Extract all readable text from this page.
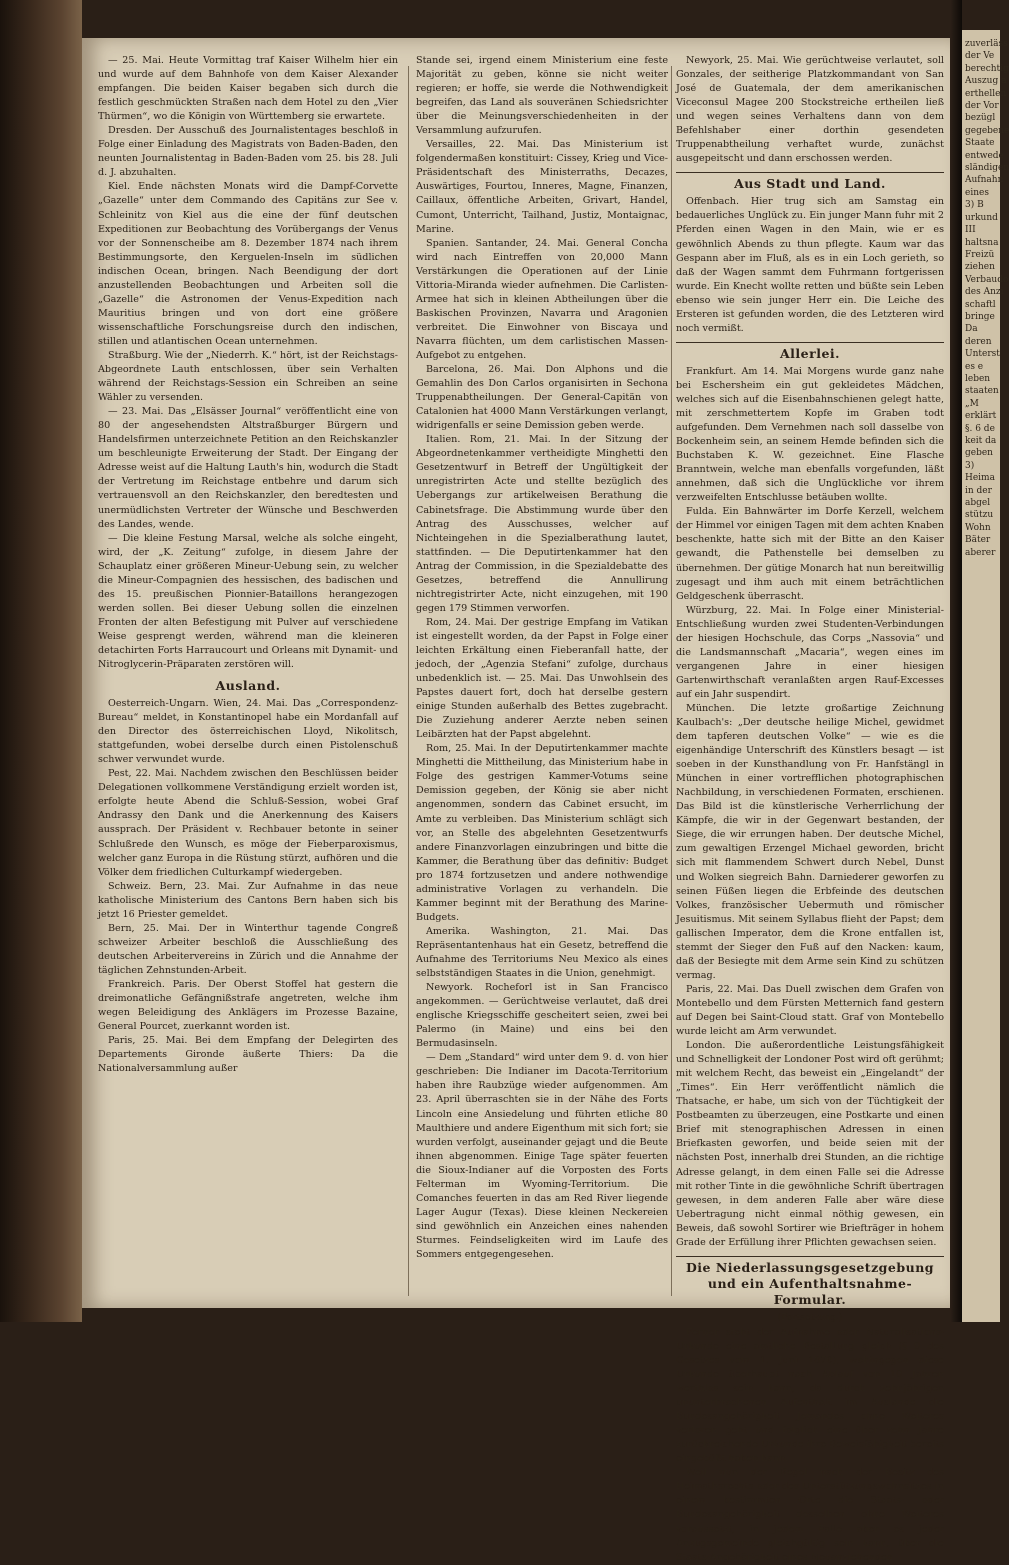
zuverläss
der Ve
berechtig
Auszug a
erthellen
der Vor
bezügl
gegebene
Staate
entwede
sländigen
Aufnahn
eines
3) B
urkund
III
haltsna
Freizü
ziehen
Verbaudo
des Anzi
schaftl
bringe
Da
deren
Unterst
es e
leben
staaten
„M
erklärt
§. 6 de
keit da
geben
3)
Heima
in der
abgel
stützu
Wohn
Bäter
aberer

— 25. Mai. Heute Vormittag traf Kaiser Wilhelm hier ein und wurde auf dem Bahnhofe von dem Kaiser Alexander empfangen. Die beiden Kaiser begaben sich durch die festlich geschmückten Straßen nach dem Hotel zu den „Vier Thürmen“, wo die Königin von Württemberg sie erwartete.

Dresden. Der Ausschuß des Journalistentages beschloß in Folge einer Einladung des Magistrats von Baden-Baden, den neunten Journalistentag in Baden-Baden vom 25. bis 28. Juli d. J. abzuhalten.

Kiel. Ende nächsten Monats wird die Dampf-Corvette „Gazelle“ unter dem Commando des Capitäns zur See v. Schleinitz von Kiel aus die eine der fünf deutschen Expeditionen zur Beobachtung des Vorübergangs der Venus vor der Sonnenscheibe am 8. Dezember 1874 nach ihrem Bestimmungsorte, den Kerguelen-Inseln im südlichen indischen Ocean, bringen. Nach Beendigung der dort anzustellenden Beobachtungen und Arbeiten soll die „Gazelle“ die Astronomen der Venus-Expedition nach Mauritius bringen und von dort eine größere wissenschaftliche Forschungsreise durch den indischen, stillen und atlantischen Ocean unternehmen.

Straßburg. Wie der „Niederrh. K.“ hört, ist der Reichstags-Abgeordnete Lauth entschlossen, über sein Verhalten während der Reichstags-Session ein Schreiben an seine Wähler zu versenden.

— 23. Mai. Das „Elsässer Journal“ veröffentlicht eine von 80 der angesehendsten Altstraßburger Bürgern und Handelsfirmen unterzeichnete Petition an den Reichskanzler um beschleunigte Erweiterung der Stadt. Der Eingang der Adresse weist auf die Haltung Lauth's hin, wodurch die Stadt der Vertretung im Reichstage entbehre und darum sich vertrauensvoll an den Reichskanzler, den beredtesten und unermüdlichsten Vertreter der Wünsche und Beschwerden des Landes, wende.

— Die kleine Festung Marsal, welche als solche eingeht, wird, der „K. Zeitung“ zufolge, in diesem Jahre der Schauplatz einer größeren Mineur-Uebung sein, zu welcher die Mineur-Compagnien des hessischen, des badischen und des 15. preußischen Pionnier-Bataillons herangezogen werden sollen. Bei dieser Uebung sollen die einzelnen Fronten der alten Befestigung mit Pulver auf verschiedene Weise gesprengt werden, während man die kleineren detachirten Forts Harraucourt und Orleans mit Dynamit- und Nitroglycerin-Präparaten zerstören will.

Ausland.

Oesterreich-Ungarn. Wien, 24. Mai. Das „Correspondenz-Bureau“ meldet, in Konstantinopel habe ein Mordanfall auf den Director des österreichischen Lloyd, Nikolitsch, stattgefunden, wobei derselbe durch einen Pistolenschuß schwer verwundet wurde.

Pest, 22. Mai. Nachdem zwischen den Beschlüssen beider Delegationen vollkommene Verständigung erzielt worden ist, erfolgte heute Abend die Schluß-Session, wobei Graf Andrassy den Dank und die Anerkennung des Kaisers aussprach. Der Präsident v. Rechbauer betonte in seiner Schlußrede den Wunsch, es möge der Fieberparoxismus, welcher ganz Europa in die Rüstung stürzt, aufhören und die Völker dem friedlichen Culturkampf wiedergeben.

Schweiz. Bern, 23. Mai. Zur Aufnahme in das neue katholische Ministerium des Cantons Bern haben sich bis jetzt 16 Priester gemeldet.

Bern, 25. Mai. Der in Winterthur tagende Congreß schweizer Arbeiter beschloß die Ausschließung des deutschen Arbeitervereins in Zürich und die Annahme der täglichen Zehnstunden-Arbeit.

Frankreich. Paris. Der Oberst Stoffel hat gestern die dreimonatliche Gefängnißstrafe angetreten, welche ihm wegen Beleidigung des Anklägers im Prozesse Bazaine, General Pourcet, zuerkannt worden ist.

Paris, 25. Mai. Bei dem Empfang der Delegirten des Departements Gironde äußerte Thiers: Da die Nationalversammlung außer

Stande sei, irgend einem Ministerium eine feste Majorität zu geben, könne sie nicht weiter regieren; er hoffe, sie werde die Nothwendigkeit begreifen, das Land als souveränen Schiedsrichter über die Meinungsverschiedenheiten in der Versammlung aufzurufen.

Versailles, 22. Mai. Das Ministerium ist folgendermaßen konstituirt: Cissey, Krieg und Vice-Präsidentschaft des Ministerraths, Decazes, Auswärtiges, Fourtou, Inneres, Magne, Finanzen, Caillaux, öffentliche Arbeiten, Grivart, Handel, Cumont, Unterricht, Tailhand, Justiz, Montaignac, Marine.

Spanien. Santander, 24. Mai. General Concha wird nach Eintreffen von 20,000 Mann Verstärkungen die Operationen auf der Linie Vittoria-Miranda wieder aufnehmen. Die Carlisten-Armee hat sich in kleinen Abtheilungen über die Baskischen Provinzen, Navarra und Aragonien verbreitet. Die Einwohner von Biscaya und Navarra flüchten, um dem carlistischen Massen-Aufgebot zu entgehen.

Barcelona, 26. Mai. Don Alphons und die Gemahlin des Don Carlos organisirten in Sechona Truppenabtheilungen. Der General-Capitän von Catalonien hat 4000 Mann Verstärkungen verlangt, widrigenfalls er seine Demission geben werde.

Italien. Rom, 21. Mai. In der Sitzung der Abgeordnetenkammer vertheidigte Minghetti den Gesetzentwurf in Betreff der Ungültigkeit der unregistrirten Acte und stellte bezüglich des Uebergangs zur artikelweisen Berathung die Cabinetsfrage. Die Abstimmung wurde über den Antrag des Ausschusses, welcher auf Nichteingehen in die Spezialberathung lautet, stattfinden. — Die Deputirtenkammer hat den Antrag der Commission, in die Spezialdebatte des Gesetzes, betreffend die Annullirung nichtregistrirter Acte, nicht einzugehen, mit 190 gegen 179 Stimmen verworfen.

Rom, 24. Mai. Der gestrige Empfang im Vatikan ist eingestellt worden, da der Papst in Folge einer leichten Erkältung einen Fieberanfall hatte, der jedoch, der „Agenzia Stefani“ zufolge, durchaus unbedenklich ist. — 25. Mai. Das Unwohlsein des Papstes dauert fort, doch hat derselbe gestern einige Stunden außerhalb des Bettes zugebracht. Die Zuziehung anderer Aerzte neben seinen Leibärzten hat der Papst abgelehnt.

Rom, 25. Mai. In der Deputirtenkammer machte Minghetti die Mittheilung, das Ministerium habe in Folge des gestrigen Kammer-Votums seine Demission gegeben, der König sie aber nicht angenommen, sondern das Cabinet ersucht, im Amte zu verbleiben. Das Ministerium schlägt sich vor, an Stelle des abgelehnten Gesetzentwurfs andere Finanzvorlagen einzubringen und bitte die Kammer, die Berathung über das definitiv: Budget pro 1874 fortzusetzen und andere nothwendige administrative Vorlagen zu verhandeln. Die Kammer beginnt mit der Berathung des Marine-Budgets.

Amerika. Washington, 21. Mai. Das Repräsentantenhaus hat ein Gesetz, betreffend die Aufnahme des Territoriums Neu Mexico als eines selbstständigen Staates in die Union, genehmigt.

Newyork. Rocheforl ist in San Francisco angekommen. — Gerüchtweise verlautet, daß drei englische Kriegsschiffe gescheitert seien, zwei bei Palermo (in Maine) und eins bei den Bermudasinseln.

— Dem „Standard“ wird unter dem 9. d. von hier geschrieben: Die Indianer im Dacota-Territorium haben ihre Raubzüge wieder aufgenommen. Am 23. April überraschten sie in der Nähe des Forts Lincoln eine Ansiedelung und führten etliche 80 Maulthiere und andere Eigenthum mit sich fort; sie wurden verfolgt, auseinander gejagt und die Beute ihnen abgenommen. Einige Tage später feuerten die Sioux-Indianer auf die Vorposten des Forts Felterman im Wyoming-Territorium. Die Comanches feuerten in das am Red River liegende Lager Augur (Texas). Diese kleinen Neckereien sind gewöhnlich ein Anzeichen eines nahenden Sturmes. Feindseligkeiten wird im Laufe des Sommers entgegengesehen.

Newyork, 25. Mai. Wie gerüchtweise verlautet, soll Gonzales, der seitherige Platzkommandant von San José de Guatemala, der dem amerikanischen Viceconsul Magee 200 Stockstreiche ertheilen ließ und wegen seines Verhaltens dann von dem Befehlshaber einer dorthin gesendeten Truppenabtheilung verhaftet wurde, zunächst ausgepeitscht und dann erschossen werden.

Aus Stadt und Land.

Offenbach. Hier trug sich am Samstag ein bedauerliches Unglück zu. Ein junger Mann fuhr mit 2 Pferden einen Wagen in den Main, wie er es gewöhnlich Abends zu thun pflegte. Kaum war das Gespann aber im Fluß, als es in ein Loch gerieth, so daß der Wagen sammt dem Fuhrmann fortgerissen wurde. Ein Knecht wollte retten und büßte sein Leben ebenso wie sein junger Herr ein. Die Leiche des Ersteren ist gefunden worden, die des Letzteren wird noch vermißt.

Allerlei.

Frankfurt. Am 14. Mai Morgens wurde ganz nahe bei Eschersheim ein gut gekleidetes Mädchen, welches sich auf die Eisenbahnschienen gelegt hatte, mit zerschmettertem Kopfe im Graben todt aufgefunden. Dem Vernehmen nach soll dasselbe von Bockenheim sein, an seinem Hemde befinden sich die Buchstaben K. W. gezeichnet. Eine Flasche Branntwein, welche man ebenfalls vorgefunden, läßt annehmen, daß sich die Unglückliche vor ihrem verzweifelten Entschlusse betäuben wollte.

Fulda. Ein Bahnwärter im Dorfe Kerzell, welchem der Himmel vor einigen Tagen mit dem achten Knaben beschenkte, hatte sich mit der Bitte an den Kaiser gewandt, die Pathenstelle bei demselben zu übernehmen. Der gütige Monarch hat nun bereitwillig zugesagt und ihm auch mit einem beträchtlichen Geldgeschenk überrascht.

Würzburg, 22. Mai. In Folge einer Ministerial-Entschließung wurden zwei Studenten-Verbindungen der hiesigen Hochschule, das Corps „Nassovia“ und die Landsmannschaft „Macaria“, wegen eines im vergangenen Jahre in einer hiesigen Gartenwirthschaft veranlaßten argen Rauf-Excesses auf ein Jahr suspendirt.

München. Die letzte großartige Zeichnung Kaulbach's: „Der deutsche heilige Michel, gewidmet dem tapferen deutschen Volke“ — wie es die eigenhändige Unterschrift des Künstlers besagt — ist soeben in der Kunsthandlung von Fr. Hanfstängl in München in einer vortrefflichen photographischen Nachbildung, in verschiedenen Formaten, erschienen. Das Bild ist die künstlerische Verherrlichung der Kämpfe, die wir in der Gegenwart bestanden, der Siege, die wir errungen haben. Der deutsche Michel, zum gewaltigen Erzengel Michael geworden, bricht sich mit flammendem Schwert durch Nebel, Dunst und Wolken siegreich Bahn. Darniederer geworfen zu seinen Füßen liegen die Erbfeinde des deutschen Volkes, französischer Uebermuth und römischer Jesuitismus. Mit seinem Syllabus flieht der Papst; dem gallischen Imperator, dem die Krone entfallen ist, stemmt der Sieger den Fuß auf den Nacken: kaum, daß der Besiegte mit dem Arme sein Kind zu schützen vermag.

Paris, 22. Mai. Das Duell zwischen dem Grafen von Montebello und dem Fürsten Metternich fand gestern auf Degen bei Saint-Cloud statt. Graf von Montebello wurde leicht am Arm verwundet.

London. Die außerordentliche Leistungsfähigkeit und Schnelligkeit der Londoner Post wird oft gerühmt; mit welchem Recht, das beweist ein „Eingelandt“ der „Times“. Ein Herr veröffentlicht nämlich die Thatsache, er habe, um sich von der Tüchtigkeit der Postbeamten zu überzeugen, eine Postkarte und einen Brief mit stenographischen Adressen in einen Briefkasten geworfen, und beide seien mit der nächsten Post, innerhalb drei Stunden, an die richtige Adresse gelangt, in dem einen Falle sei die Adresse mit rother Tinte in die gewöhnliche Schrift übertragen gewesen, in dem anderen Falle aber wäre diese Uebertragung nicht einmal nöthig gewesen, ein Beweis, daß sowohl Sortirer wie Briefträger in hohem Grade der Erfüllung ihrer Pflichten gewachsen seien.

Die Niederlassungsgesetzgebung und ein Aufenthaltsnahme-Formular.
(Fortsetzung.)

Ferner steht der Aufnahme oder Naturalisations-Urkunde eine amtliche Bestallung gleich (§ 9 des Gesetzes vom 1. Juni 1870), wohingegen diese Urkunde überhaupt nach Ablauf von 10 Jahren werthlos sein kann, da durch zehnjährigen ununterbrochenen Aufenthalt im Auslande die Bundesangehörigkeit Jemandes ohne Weiteres verloren geht und folglich eine über zehn Jahre zurückreichende Urkunde ihre Beweisfähigkeit bereits eingebüßt haben kann.

Weil nun der Regel nach der Besitz des Heimathsrechts oder des Unterstützungswohnsitzes in einem bestimmten Orte die Staats- oder Bundesangehörigkeit desselben ohne Weiteres voraussetzt, in jedem Falle aber es jeder Anzugsgemeinde gleichgültig sein kann, über die Staats-Angehörigkeit eines Neuanziehenden
